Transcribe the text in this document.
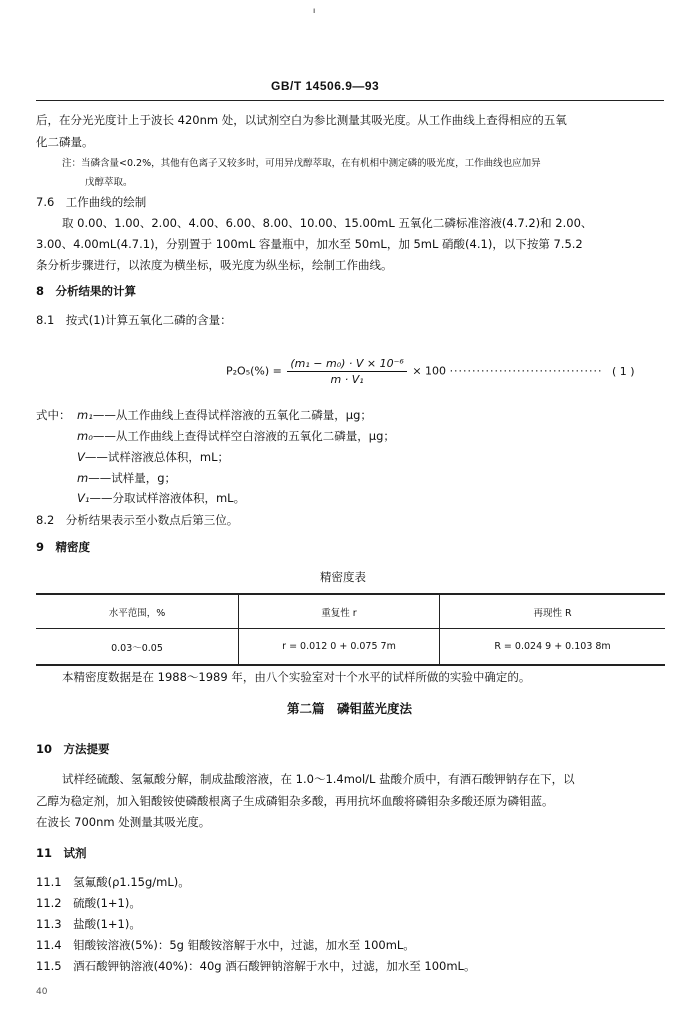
ı
GB/T 14506.9—93
后，在分光光度计上于波长 420nm 处，以试剂空白为参比测量其吸光度。从工作曲线上查得相应的五氧
化二磷量。
注：当磷含量<0.2%，其他有色离子又较多时，可用异戊醇萃取，在有机相中测定磷的吸光度，工作曲线也应加异
戊醇萃取。
7.6　工作曲线的绘制
取 0.00、1.00、2.00、4.00、6.00、8.00、10.00、15.00mL 五氧化二磷标准溶液(4.7.2)和 2.00、
3.00、4.00mL(4.7.1)，分别置于 100mL 容量瓶中，加水至 50mL，加 5mL 硝酸(4.1)，以下按第 7.5.2
条分析步骤进行，以浓度为横坐标，吸光度为纵坐标，绘制工作曲线。
8　分析结果的计算
8.1　按式(1)计算五氧化二磷的含量：
$P_2O_5(\%) = \frac{\text{(m₁ − m₀) · V × 10⁻⁶}}{\text{m · V₁}} \times 100$ ·································· ( 1 )
式中： m₁——从工作曲线上查得试样溶液的五氧化二磷量，μg；
m₀——从工作曲线上查得试样空白溶液的五氧化二磷量，μg；
V——试样溶液总体积，mL；
m——试样量，g；
V₁——分取试样溶液体积，mL。
8.2　分析结果表示至小数点后第三位。
9　精密度
精密度表
水平范围，%	重复性 r	再现性 R
0.03～0.05	r = 0.012 0 + 0.075 7m	R = 0.024 9 + 0.103 8m
本精密度数据是在 1988～1989 年，由八个实验室对十个水平的试样所做的实验中确定的。
第二篇　磷钼蓝光度法
10　方法提要
试样经硫酸、氢氟酸分解，制成盐酸溶液，在 1.0～1.4mol/L 盐酸介质中，有酒石酸钾钠存在下，以
乙醇为稳定剂，加入钼酸铵使磷酸根离子生成磷钼杂多酸，再用抗坏血酸将磷钼杂多酸还原为磷钼蓝。
在波长 700nm 处测量其吸光度。
11　试剂
11.1　氢氟酸(ρ1.15g/mL)。
11.2　硫酸(1+1)。
11.3　盐酸(1+1)。
11.4　钼酸铵溶液(5%)：5g 钼酸铵溶解于水中，过滤，加水至 100mL。
11.5　酒石酸钾钠溶液(40%)：40g 酒石酸钾钠溶解于水中，过滤，加水至 100mL。
40
